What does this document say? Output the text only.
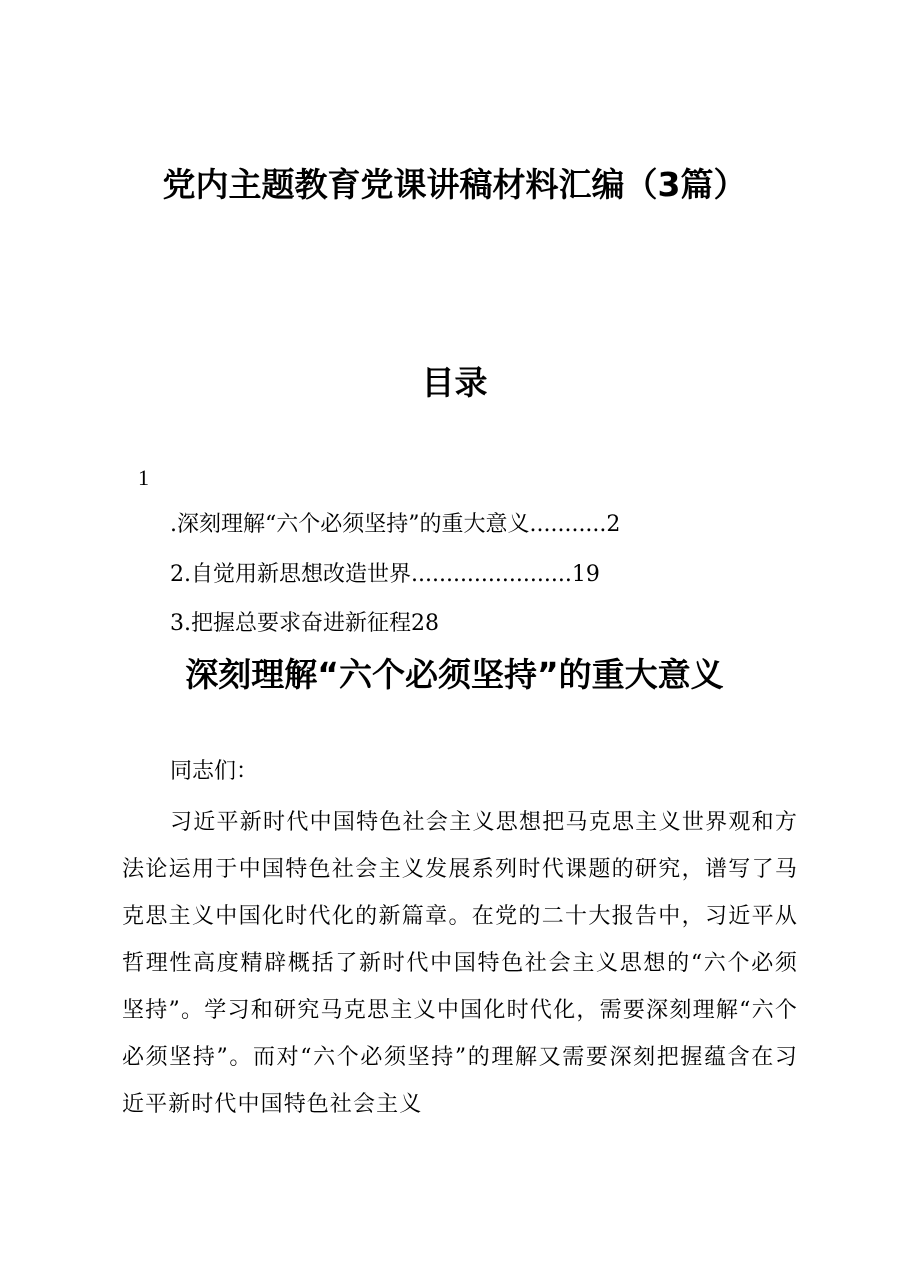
党内主题教育党课讲稿材料汇编（3篇）
目录
1
.深刻理解“六个必须坚持”的重大意义...........2
2.自觉用新思想改造世界.......................19
3.把握总要求奋进新征程28
深刻理解“六个必须坚持”的重大意义

同志们：

习近平新时代中国特色社会主义思想把马克思主义世界观和方法论运用于中国特色社会主义发展系列时代课题的研究，谱写了马克思主义中国化时代化的新篇章。在党的二十大报告中，习近平从哲理性高度精辟概括了新时代中国特色社会主义思想的“六个必须坚持”。学习和研究马克思主义中国化时代化，需要深刻理解“六个必须坚持”。而对“六个必须坚持”的理解又需要深刻把握蕴含在习近平新时代中国特色社会主义
